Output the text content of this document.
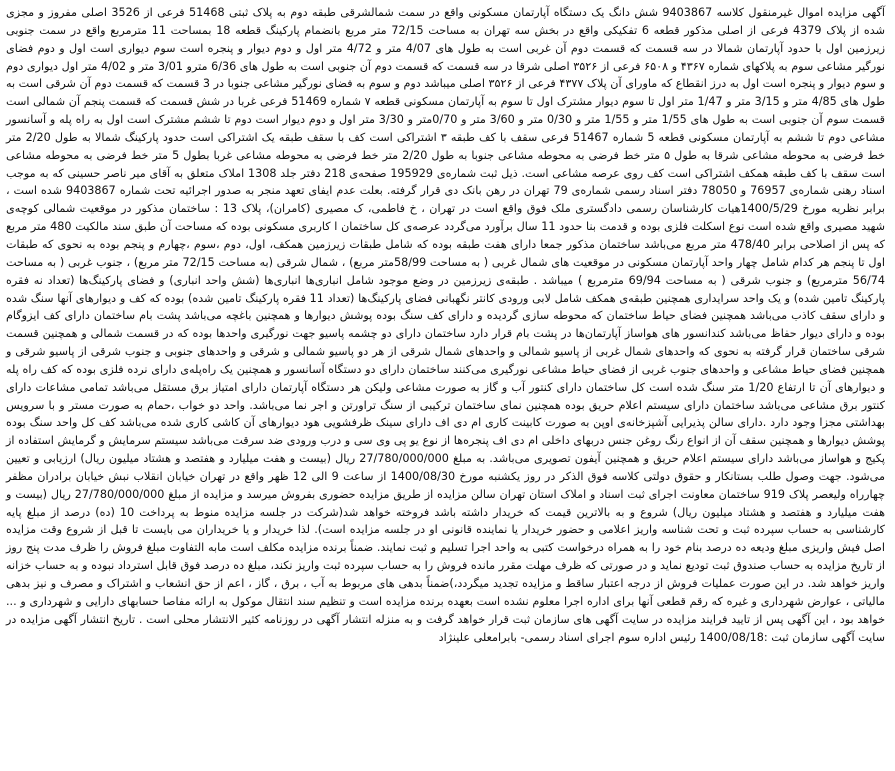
آگهی مزایده اموال غیرمنقول کلاسه 9403867 شش دانگ یک دستگاه آپارتمان مسکونی واقع در سمت شمالشرقی طبقه دوم به پلاک ثبتی 51468 فرعی از 3526 اصلی مفروز و مجزی شده از پلاک 4379 فرعی از اصلی مذکور قطعه 6 تفکیکی واقع در بخش سه تهران به مساحت 72/15 متر مربع بانضمام پارکینگ قطعه 18 بمساحت 11 مترمربع واقع در سمت جنوبی زیرزمین اول با حدود آپارتمان شمالا در سه قسمت که قسمت دوم آن غربی است به طول های 4/07 متر و 4/72 متر اول و دوم دیوار و پنجره است سوم دیواری است اول و دوم فضای نورگیر مشاعی سوم به پلاکهای شماره ۴۳۶۷ و ۶۵۰۸ فرعی از ۳۵۲۶ اصلی شرقا در سه قسمت که قسمت دوم آن جنوبی است به طول های 6/36 مترو 3/01 متر و 4/02 متر اول دیواری دوم و سوم دیوار و پنجره است اول به درز انقطاع که ماورای آن پلاک ۴۳۷۷ فرعی از ۳۵۲۶ اصلی میباشد دوم و سوم به فضای نورگیر مشاعی جنوبا در 3 قسمت که قسمت دوم آن شرقی است به طول های 4/85 متر و 3/15 متر و 1/47 متر اول تا سوم دیوار مشترک اول تا سوم به آپارتمان مسکونی قطعه ۷ شماره 51469 فرعی غربا در شش قسمت که قسمت پنجم آن شمالی است قسمت سوم آن جنوبی است به طول های 1/55 متر و 1/55 متر و 0/30 متر و 3/60 متر و 0/70متر و 3/30 متر اول و دوم دیوار است دوم تا ششم مشترک است اول به راه پله و آسانسور مشاعی دوم تا ششم به آپارتمان مسکونی قطعه 5 شماره 51467 فرعی سقف با کف طبقه ۳ اشتراکی است کف با سقف طبقه یک اشتراکی است حدود پارکینگ شمالا به طول 2/20 متر خط فرضی به محوطه مشاعی شرقا به طول ۵ متر خط فرضی به محوطه مشاعی جنوبا به طول 2/20 متر خط فرضی به محوطه مشاعی غربا بطول 5 متر خط فرضی به محوطه مشاعی است سقف با کف طبقه همکف اشتراکی است کف روی عرصه مشاعی است. ذیل ثبت شماره‌ی 195929 صفحه‌ی 218 دفتر جلد 1308 املاک متعلق به آقای میر ناصر حسینی که به موجب اسناد رهنی شماره‌ی 76957 و 78050 دفتر اسناد رسمی شماره‌ی 79 تهران در رهن بانک دی قرار گرفته. بعلت عدم ایفای تعهد منجر به صدور اجرائیه تحت شماره 9403867 شده است ، برابر نظریه مورخ 1400/5/29هیات کارشناسان رسمی دادگستری ملک فوق واقع است در تهران ، خ فاطمی، ک مصیری (کامران)، پلاک 13 : ساختمان مذکور در موقعیت شمالی کوچه‌ی شهید مصیری واقع شده است نوع اسکلت فلزی بوده و قدمت بنا حدود 11 سال برآورد می‌گردد عرصه‌ی کل ساختمان ا کاربری مسکونی بوده که مساحت آن طبق سند مالکیت 480 متر مربع که پس از اصلاحی برابر 478/40 متر مربع می‌باشد ساختمان مذکور جمعا دارای هفت طبقه بوده که شامل طبقات زیرزمین همکف، اول، دوم ،سوم ،چهارم و پنجم بوده به نحوی که طبقات اول تا پنجم هر کدام شامل چهار واحد آپارتمان مسکونی در موقعیت های شمال غربی ( به مساحت 58/99متر مربع) ، شمال شرقی (به مساحت 72/15 متر مربع) ، جنوب غربی ( به مساحت 56/74 مترمربع) و جنوب شرقی ( به مساحت 69/94 مترمربع ) میباشد . طبقه‌ی زیرزمین در وضع موجود شامل انباری‌ها انباری‌ها (شش واحد انباری) و فضای پارکینگ‌ها (تعداد نه فقره پارکینگ تامین شده) و یک واحد سرایداری همچنین طبقه‌ی همکف شامل لابی ورودی کانتر نگهبانی فضای پارکینگ‌ها (تعداد 11 فقره پارکینگ تامین شده) بوده که کف و دیوارهای آنها سنگ شده و دارای سقف کاذب می‌باشد همچنین فضای حیاط ساختمان که محوطه سازی گردیده و دارای کف سنگ بوده پوشش دیوارها و همچنین باغچه می‌باشد پشت بام ساختمان دارای کف ایزوگام بوده و دارای دیوار حفاظ می‌باشد کندانسور های هواساز آپارتمان‌ها در پشت بام قرار دارد ساختمان دارای دو چشمه پاسیو جهت نورگیری واحدها بوده که در قسمت شمالی و همچنین قسمت شرقی ساختمان قرار گرفته به نحوی که واحدهای شمال غربی از پاسیو شمالی و واحدهای شمال شرقی از هر دو پاسیو شمالی و شرقی و واحدهای جنوبی و جنوب شرقی از پاسیو شرقی و همچنین فضای حیاط مشاعی و واحدهای جنوب غربی از فضای حیاط مشاعی نورگیری می‌کنند ساختمان دارای دو دستگاه آسانسور و همچنین یک راه‌پله‌ی دارای نرده فلزی بوده که کف راه پله و دیوارهای آن تا ارتفاع 1/20 متر سنگ شده است کل ساختمان دارای کنتور آب و گاز به صورت مشاعی ولیکن هر دستگاه آپارتمان دارای امتیاز برق مستقل می‌باشد تمامی مشاعات دارای کنتور برق مشاعی می‌باشد ساختمان دارای سیستم اعلام حریق بوده همچنین نمای ساختمان ترکیبی از سنگ تراورتن و اجر نما می‌باشد. واحد دو خواب ،حمام به صورت مستر و با سرویس بهداشتی مجزا وجود دارد .دارای سالن پذیرایی آشپزخانه‌ی اوپن به صورت کابینت کاری ام دی اف دارای سینک ظرفشویی هود دیوارهای آن کاشی کاری شده می‌باشد کف کل واحد سنگ بوده پوشش دیوارها و همچنین سقف آن از انواع رنگ روغن جنس دربهای داخلی ام دی اف پنجره‌ها از نوع یو پی وی سی و درب ورودی ضد سرقت می‌باشد سیستم سرمایش و گرمایش استفاده از پکیج و هواساز می‌باشد دارای سیستم اعلام حریق و همچنین آیفون تصویری می‌باشد. به مبلغ 27/780/000/000 ریال (بیست و هفت میلیارد و هفتصد و هشتاد میلیون ریال) ارزیابی و تعیین می‌شود. جهت وصول طلب بستانکار و حقوق دولتی کلاسه فوق الذکر در روز یکشنبه مورخ 1400/08/30 از ساعت 9 الی 12 ظهر واقع در تهران خیابان انقلاب نبش خیابان برادران مظفر چهارراه ولیعصر پلاک 919 ساختمان معاونت اجرای ثبت اسناد و املاک استان تهران سالن مزایده از طریق مزایده حضوری بفروش میرسد و مزایده از مبلغ 27/780/000/000 ریال (بیست و هفت میلیارد و هفتصد و هشتاد میلیون ریال) شروع و به بالاترین قیمت که خریدار داشته باشد فروخته خواهد شد(شرکت در جلسه مزایده منوط به پرداخت 10 (ده) درصد از مبلغ پایه کارشناسی به حساب سپرده ثبت و تحت شناسه واریز اعلامی و حضور خریدار یا نماینده قانونی او در جلسه مزایده است). لذا خریدار و یا خریداران می بایست تا قبل از شروع وقت مزایده اصل فیش واریزی مبلغ ودیعه ده درصد بنام خود را به همراه درخواست کتبی به واحد اجرا تسلیم و ثبت نمایند. ضمناً برنده مزایده مکلف است مابه التفاوت مبلغ فروش را ظرف مدت پنج روز از تاریخ مزایده به حساب صندوق ثبت تودیع نماید و در صورتی که ظرف مهلت مقرر مانده فروش را به حساب سپرده ثبت واریز نکند، مبلغ ده درصد فوق قابل استرداد نبوده و به حساب خزانه واریز خواهد شد. در این صورت عملیات فروش از درجه اعتبار ساقط و مزایده تجدید میگردد،)ضمناً بدهی های مربوط به آب ، برق ، گاز ، اعم از حق انشعاب و اشتراک و مصرف و نیز بدهی مالیاتی ، عوارض شهرداری و غیره که رقم قطعی آنها برای اداره اجرا معلوم نشده است بعهده برنده مزایده است و تنظیم سند انتقال موکول به ارائه مفاصا حسابهای دارایی و شهرداری و ... خواهد بود ، این آگهی پس از تایید فرایند مزایده در سایت آگهی های سازمان ثبت قرار خواهد گرفت و به منزله انتشار آگهی در روزنامه کثیر الانتشار محلی است . تاریخ انتشار آگهی مزایده در سایت آگهی سازمان ثبت :1400/08/18 رئیس اداره سوم اجرای اسناد رسمی- بابرامعلی علینژاد
